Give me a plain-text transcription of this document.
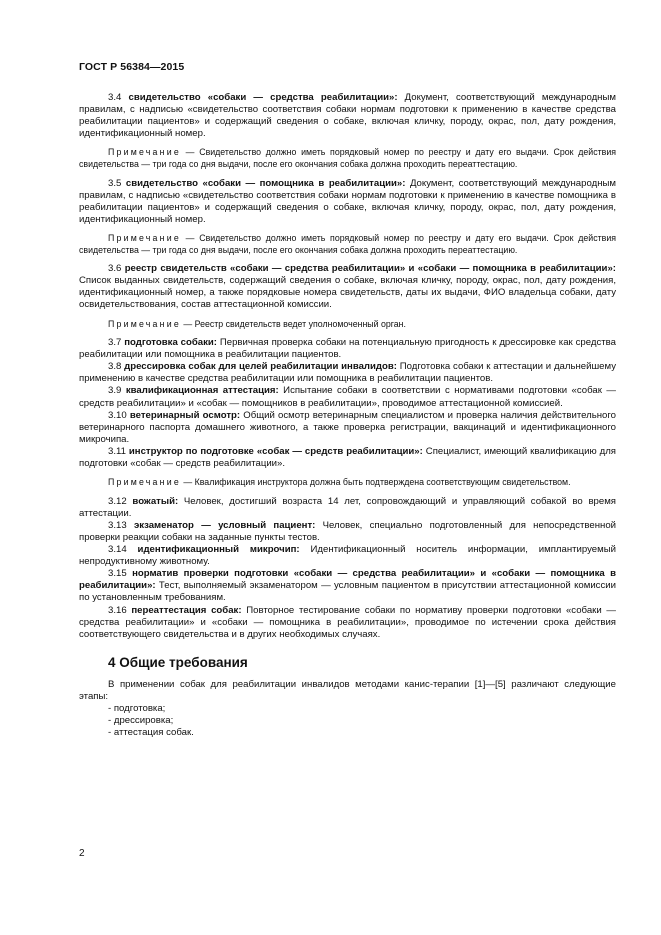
ГОСТ Р 56384—2015

3.4 свидетельство «собаки — средства реабилитации»: Документ, соответствующий международным правилам, с надписью «свидетельство соответствия собаки нормам подготовки к применению в качестве средства реабилитации пациентов» и содержащий сведения о собаке, включая кличку, породу, окрас, пол, дату рождения, идентификационный номер.

Примечание — Свидетельство должно иметь порядковый номер по реестру и дату его выдачи. Срок действия свидетельства — три года со дня выдачи, после его окончания собака должна проходить переаттестацию.

3.5 свидетельство «собаки — помощника в реабилитации»: Документ, соответствующий международным правилам, с надписью «свидетельство соответствия собаки нормам подготовки к применению в качестве помощника в реабилитации пациентов» и содержащий сведения о собаке, включая кличку, породу, окрас, пол, дату рождения, идентификационный номер.

Примечание — Свидетельство должно иметь порядковый номер по реестру и дату его выдачи. Срок действия свидетельства — три года со дня выдачи, после его окончания собака должна проходить переаттестацию.

3.6 реестр свидетельств «собаки — средства реабилитации» и «собаки — помощника в реабилитации»: Список выданных свидетельств, содержащий сведения о собаке, включая кличку, породу, окрас, пол, дату рождения, идентификационный номер, а также порядковые номера свидетельств, даты их выдачи, ФИО владельца собаки, дату освидетельствования, состав аттестационной комиссии.

Примечание — Реестр свидетельств ведет уполномоченный орган.

3.7 подготовка собаки: Первичная проверка собаки на потенциальную пригодность к дрессировке как средства реабилитации или помощника в реабилитации пациентов.

3.8 дрессировка собак для целей реабилитации инвалидов: Подготовка собаки к аттестации и дальнейшему применению в качестве средства реабилитации или помощника в реабилитации пациентов.

3.9 квалификационная аттестация: Испытание собаки в соответствии с нормативами подготовки «собак — средств реабилитации» и «собак — помощников в реабилитации», проводимое аттестационной комиссией.

3.10 ветеринарный осмотр: Общий осмотр ветеринарным специалистом и проверка наличия действительного ветеринарного паспорта домашнего животного, а также проверка регистрации, вакцинаций и идентификационного микрочипа.

3.11 инструктор по подготовке «собак — средств реабилитации»: Специалист, имеющий квалификацию для подготовки «собак — средств реабилитации».

Примечание — Квалификация инструктора должна быть подтверждена соответствующим свидетельством.

3.12 вожатый: Человек, достигший возраста 14 лет, сопровождающий и управляющий собакой во время аттестации.

3.13 экзаменатор — условный пациент: Человек, специально подготовленный для непосредственной проверки реакции собаки на заданные пункты тестов.

3.14 идентификационный микрочип: Идентификационный носитель информации, имплантируемый непродуктивному животному.

3.15 норматив проверки подготовки «собаки — средства реабилитации» и «собаки — помощника в реабилитации»: Тест, выполняемый экзаменатором — условным пациентом в присутствии аттестационной комиссии по установленным требованиям.

3.16 переаттестация собак: Повторное тестирование собаки по нормативу проверки подготовки «собаки — средства реабилитации» и «собаки — помощника в реабилитации», проводимое по истечении срока действия соответствующего свидетельства и в других необходимых случаях.

4 Общие требования

В применении собак для реабилитации инвалидов методами канис-терапии [1]—[5] различают следующие этапы:

- подготовка;

- дрессировка;

- аттестация собак.

2
